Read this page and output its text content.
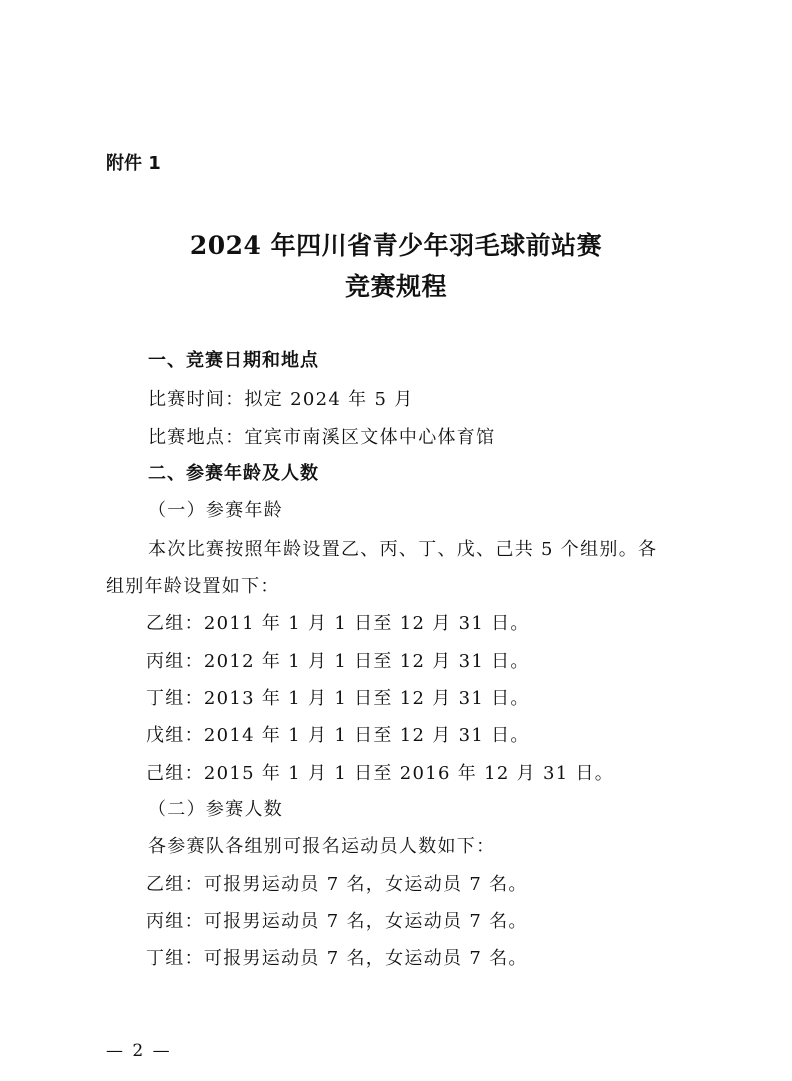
附件 1
2024 年四川省青少年羽毛球前站赛
竞赛规程
一、竞赛日期和地点
比赛时间：拟定 2024 年 5 月
比赛地点：宜宾市南溪区文体中心体育馆
二、参赛年龄及人数
（一）参赛年龄
本次比赛按照年龄设置乙、丙、丁、戊、己共 5 个组别。各
组别年龄设置如下：
乙组：2011 年 1 月 1 日至 12 月 31 日。
丙组：2012 年 1 月 1 日至 12 月 31 日。
丁组：2013 年 1 月 1 日至 12 月 31 日。
戊组：2014 年 1 月 1 日至 12 月 31 日。
己组：2015 年 1 月 1 日至 2016 年 12 月 31 日。
（二）参赛人数
各参赛队各组别可报名运动员人数如下：
乙组：可报男运动员 7 名，女运动员 7 名。
丙组：可报男运动员 7 名，女运动员 7 名。
丁组：可报男运动员 7 名，女运动员 7 名。
— 2 —
